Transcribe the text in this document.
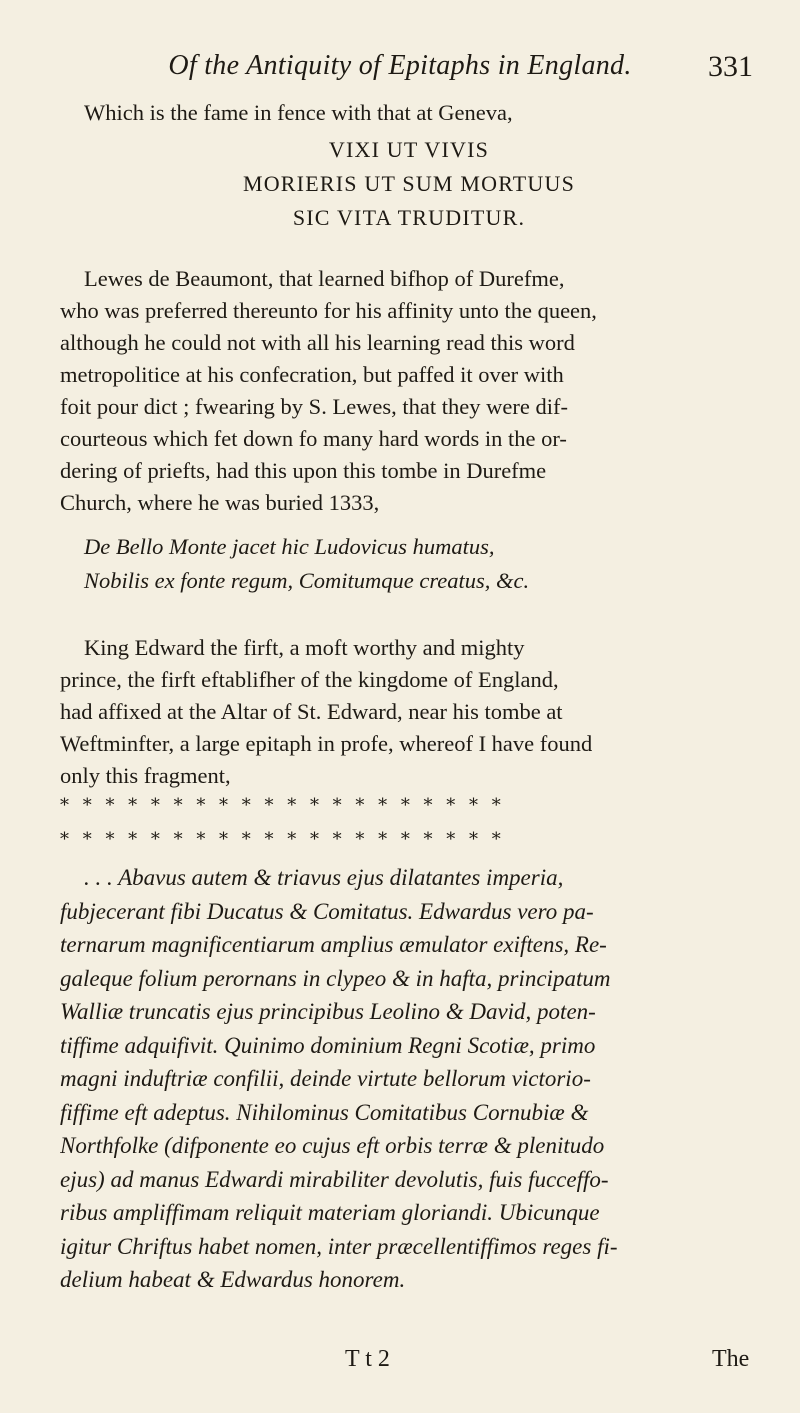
Of the Antiquity of Epitaphs in England.	331
Which is the fame in fence with that at Geneva,
VIXI UT VIVIS
MORIERIS UT SUM MORTUUS
SIC VITA TRUDITUR.
Lewes de Beaumont, that learned bifhop of Durefme,
who was preferred thereunto for his affinity unto the queen,
although he could not with all his learning read this word
metropolitice at his confecration, but paffed it over with
foit pour dict ; fwearing by S. Lewes, that they were dif-
courteous which fet down fo many hard words in the or-
dering of priefts, had this upon this tombe in Durefme
Church, where he was buried 1333,
De Bello Monte jacet hic Ludovicus humatus,
Nobilis ex fonte regum, Comitumque creatus, &c.
King Edward the firft, a moft worthy and mighty
prince, the firft eftablifher of the kingdome of England,
had affixed at the Altar of St. Edward, near his tombe at
Weftminfter, a large epitaph in profe, whereof I have found
only this fragment,
* * * * * * * * * * * * * * * * * * * *
* * * * * * * * * * * * * * * * * * * *
. . . Abavus autem & triavus ejus dilatantes imperia,
fubjecerant fibi Ducatus & Comitatus. Edwardus vero pa-
ternarum magnificentiarum amplius æmulator exiftens, Re-
galeque folium perornans in clypeo & in hafta, principatum
Walliæ truncatis ejus principibus Leolino & David, poten-
tiffime adquifivit. Quinimo dominium Regni Scotiæ, primo
magni induftriæ confilii, deinde virtute bellorum victorio-
fiffime eft adeptus. Nihilominus Comitatibus Cornubiæ &
Northfolke (difponente eo cujus eft orbis terræ & plenitudo
ejus) ad manus Edwardi mirabiliter devolutis, fuis fucceffo-
ribus ampliffimam reliquit materiam gloriandi. Ubicunque
igitur Chriftus habet nomen, inter præcellentiffimos reges fi-
delium habeat & Edwardus honorem.
T t 2	The
